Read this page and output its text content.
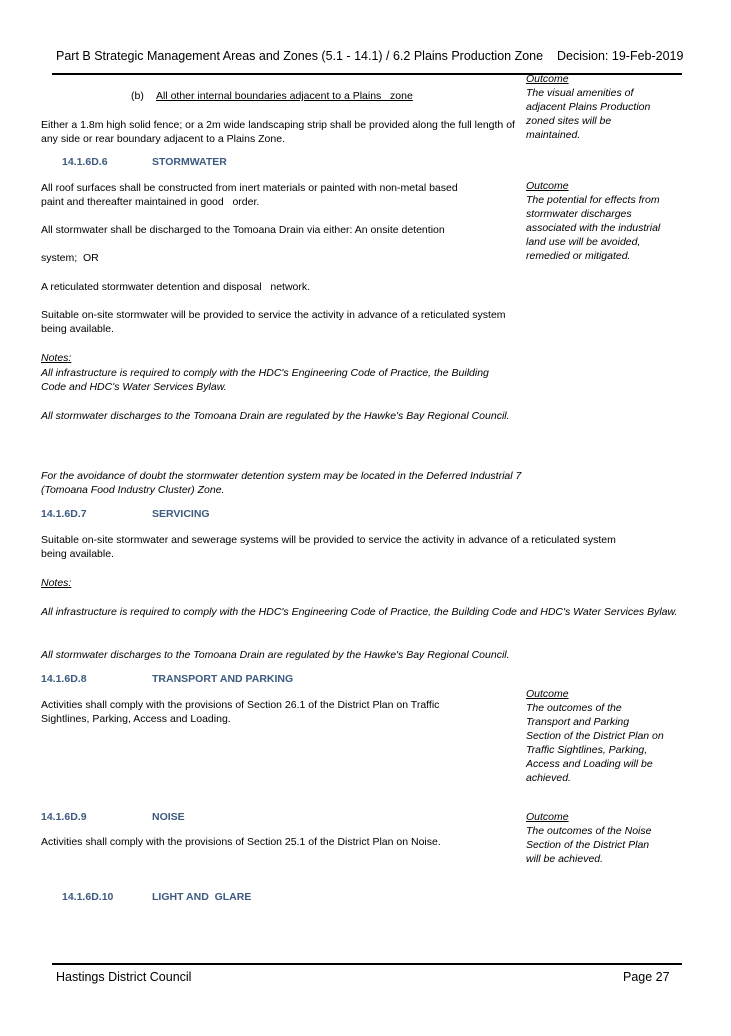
Part B Strategic Management Areas and Zones (5.1 - 14.1) / 6.2 Plains Production Zone Decision: 19-Feb-2019
Outcome
The visual amenities of adjacent Plains Production zoned sites will be maintained.
(b) All other internal boundaries adjacent to a Plains   zone
Either a 1.8m high solid fence; or a 2m wide landscaping strip shall be provided along the full length of any side or rear boundary adjacent to a Plains Zone.
14.1.6D.6	STORMWATER
All roof surfaces shall be constructed from inert materials or painted with non-metal based paint and thereafter maintained in good   order.
All stormwater shall be discharged to the Tomoana Drain via either: An onsite detention
system;  OR
A reticulated stormwater detention and disposal   network.
Suitable on-site stormwater will be provided to service the activity in advance of a reticulated system being available.
Notes:
All infrastructure is required to comply with the HDC's Engineering Code of Practice, the Building Code and HDC's Water Services Bylaw.
All stormwater discharges to the Tomoana Drain are regulated by the Hawke's Bay Regional Council.
For the avoidance of doubt the stormwater detention system may be located in the Deferred Industrial 7 (Tomoana Food Industry Cluster) Zone.
Outcome
The potential for effects from stormwater discharges associated with the industrial land use will be avoided, remedied or mitigated.
14.1.6D.7	SERVICING
Suitable on-site stormwater and sewerage systems will be provided to service the activity in advance of a reticulated system being available.
Notes:
All infrastructure is required to comply with the HDC's Engineering Code of Practice, the Building Code and HDC's Water Services Bylaw.
All stormwater discharges to the Tomoana Drain are regulated by the Hawke's Bay Regional Council.
14.1.6D.8	TRANSPORT AND PARKING
Activities shall comply with the provisions of Section 26.1 of the District Plan on Traffic Sightlines, Parking, Access and Loading.
Outcome
The outcomes of the Transport and Parking Section of the District Plan on Traffic Sightlines, Parking, Access and Loading will be achieved.
14.1.6D.9	NOISE
Activities shall comply with the provisions of Section 25.1 of the District Plan on Noise.
Outcome
The outcomes of the Noise Section of the District Plan will be achieved.
14.1.6D.10	LIGHT AND  GLARE
Hastings District Council	Page 27
